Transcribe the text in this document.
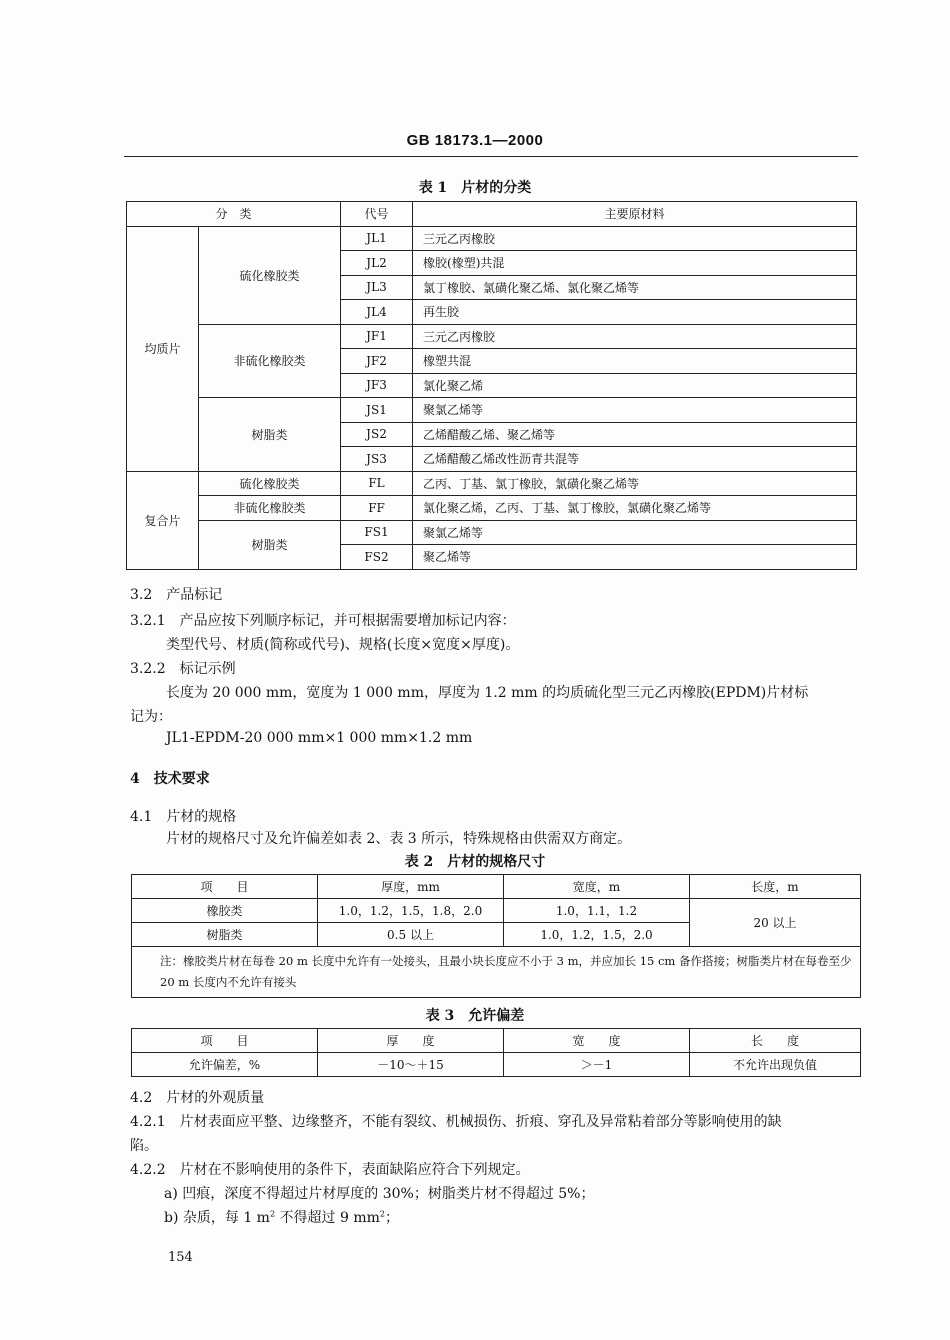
GB 18173.1—2000
表 1　片材的分类
分　类		代号	主要原材料
均质片	硫化橡胶类	JL1	三元乙丙橡胶
		JL2	橡胶(橡塑)共混
		JL3	氯丁橡胶、氯磺化聚乙烯、氯化聚乙烯等
		JL4	再生胶
	非硫化橡胶类	JF1	三元乙丙橡胶
		JF2	橡塑共混
		JF3	氯化聚乙烯
	树脂类	JS1	聚氯乙烯等
		JS2	乙烯醋酸乙烯、聚乙烯等
		JS3	乙烯醋酸乙烯改性沥青共混等
复合片	硫化橡胶类	FL	乙丙、丁基、氯丁橡胶，氯磺化聚乙烯等
	非硫化橡胶类	FF	氯化聚乙烯，乙丙、丁基、氯丁橡胶，氯磺化聚乙烯等
	树脂类	FS1	聚氯乙烯等
		FS2	聚乙烯等
3.2　产品标记
3.2.1　产品应按下列顺序标记，并可根据需要增加标记内容：
类型代号、材质(简称或代号)、规格(长度×宽度×厚度)。
3.2.2　标记示例
长度为 20 000 mm，宽度为 1 000 mm，厚度为 1.2 mm 的均质硫化型三元乙丙橡胶(EPDM)片材标
记为：
JL1-EPDM-20 000 mm×1 000 mm×1.2 mm
4　技术要求
4.1　片材的规格
片材的规格尺寸及允许偏差如表 2、表 3 所示，特殊规格由供需双方商定。
表 2　片材的规格尺寸
项　　目	厚度，mm	宽度，m	长度，m
橡胶类	1.0，1.2，1.5，1.8，2.0	1.0，1.1，1.2	20 以上
树脂类	0.5 以上	1.0，1.2，1.5，2.0	
注：橡胶类片材在每卷 20 m 长度中允许有一处接头，且最小块长度应不小于 3 m，并应加长 15 cm 备作搭接；树脂类片材在每卷至少 20 m 长度内不允许有接头			
表 3　允许偏差
项　　目	厚　　度	宽　　度	长　　度
允许偏差，%	－10～＋15	＞－1	不允许出现负值
4.2　片材的外观质量
4.2.1　片材表面应平整、边缘整齐，不能有裂纹、机械损伤、折痕、穿孔及异常粘着部分等影响使用的缺
陷。
4.2.2　片材在不影响使用的条件下，表面缺陷应符合下列规定。
a) 凹痕，深度不得超过片材厚度的 30%；树脂类片材不得超过 5%；
b) 杂质，每 1 $m^2$ 不得超过 9 $mm^2$；
154
